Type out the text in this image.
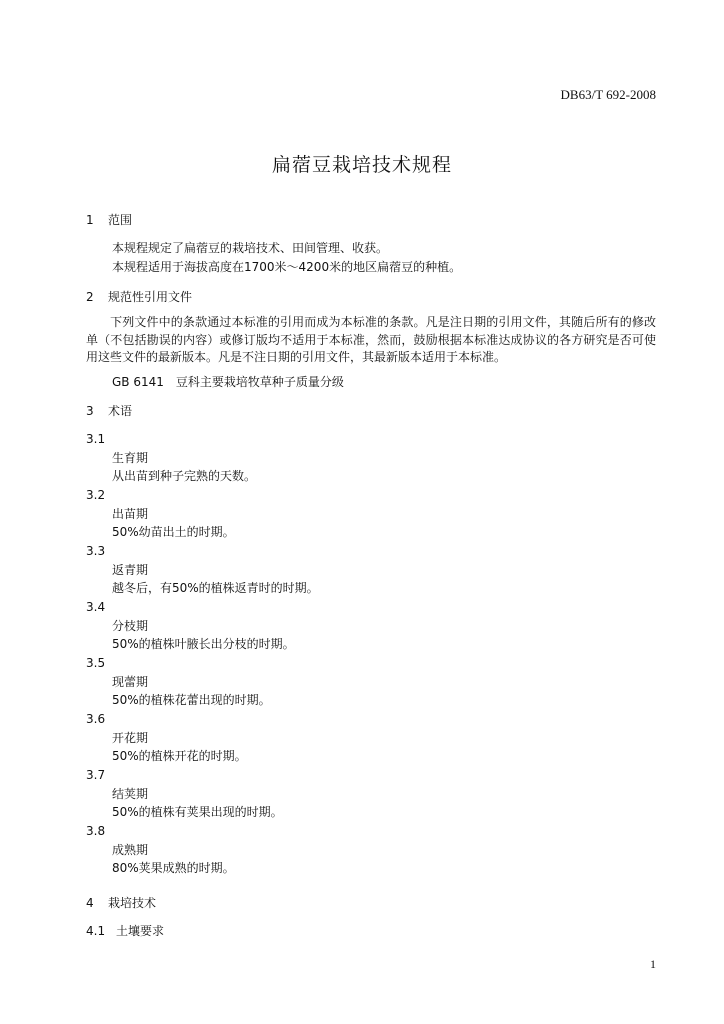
DB63/T 692-2008
扁蓿豆栽培技术规程
1 范围
本规程规定了扁蓿豆的栽培技术、田间管理、收获。
本规程适用于海拔高度在1700米～4200米的地区扁蓿豆的种植。
2 规范性引用文件
下列文件中的条款通过本标准的引用而成为本标准的条款。凡是注日期的引用文件，其随后所有的修改单（不包括勘误的内容）或修订版均不适用于本标准，然而，鼓励根据本标准达成协议的各方研究是否可使用这些文件的最新版本。凡是不注日期的引用文件，其最新版本适用于本标准。
GB 6141　豆科主要栽培牧草种子质量分级
3 术语
3.1
生育期
从出苗到种子完熟的天数。
3.2
出苗期
50%幼苗出土的时期。
3.3
返青期
越冬后，有50%的植株返青时的时期。
3.4
分枝期
50%的植株叶腋长出分枝的时期。
3.5
现蕾期
50%的植株花蕾出现的时期。
3.6
开花期
50%的植株开花的时期。
3.7
结荚期
50%的植株有荚果出现的时期。
3.8
成熟期
80%荚果成熟的时期。
4 栽培技术
4.1 土壤要求
1
